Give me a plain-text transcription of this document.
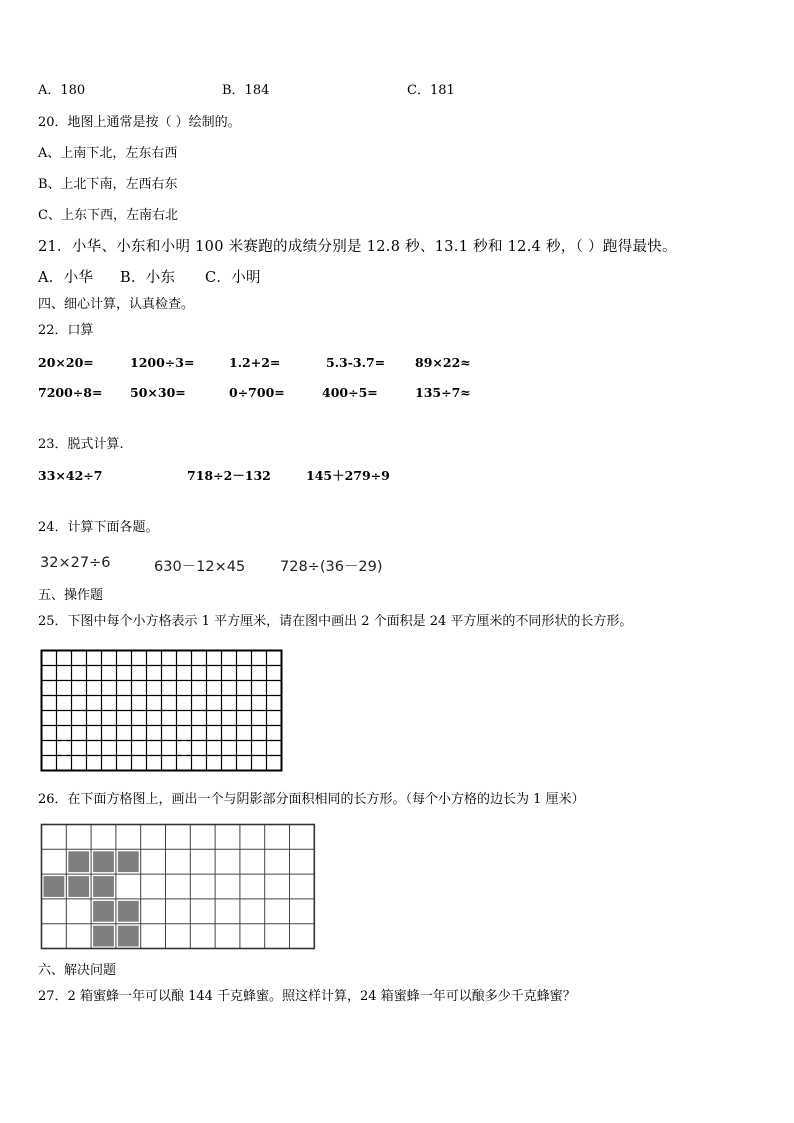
A．180	B．184	C．181
20．地图上通常是按（ ）绘制的。
A、上南下北，左东右西
B、上北下南，左西右东
C、上东下西，左南右北
21．小华、小东和小明 100 米赛跑的成绩分别是 12.8 秒、13.1 秒和 12.4 秒，（ ）跑得最快。
A．小华 B．小东 C．小明
四、细心计算，认真检查。
22．口算
20×20=	1200÷3=	1.2+2=	5.3-3.7= 89×22≈
7200÷8= 50×30=	0÷700=	400÷5=	135÷7≈
23．脱式计算.
33×42÷7	718÷2－132	145＋279÷9
24．计算下面各题。
32×27÷6	630－12×45 728÷(36－29)
五、操作题
25．下图中每个小方格表示 1 平方厘米，请在图中画出 2 个面积是 24 平方厘米的不同形状的长方形。
26．在下面方格图上，画出一个与阴影部分面积相同的长方形。（每个小方格的边长为 1 厘米）
六、解决问题
27．2 箱蜜蜂一年可以酿 144 千克蜂蜜。照这样计算，24 箱蜜蜂一年可以酿多少千克蜂蜜？
